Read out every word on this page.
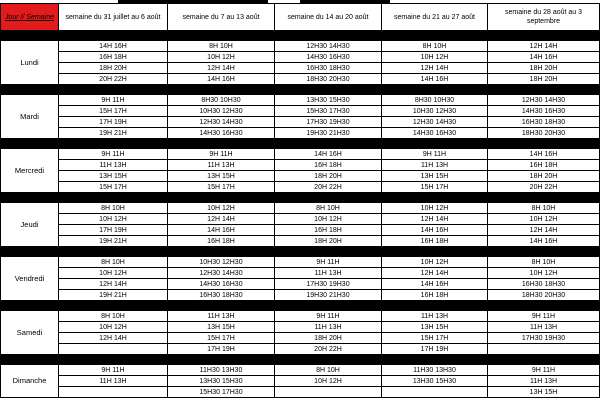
Jour // Semaine	semaine du 31 juillet au 6 août	semaine du 7 au 13 août	semaine du 14 au 20 août	semaine du 21 au 27 août	semaine du 28 août au 3 septembre

Lundi	14H 16H	8H 10H	12H30 14H30	8H 10H	12H 14H
	16H 18H	10H 12H	14H30 16H30	10H 12H	14H 16H
	18H 20H	12H 14H	16H30 18H30	12H 14H	18H 20H
	20H 22H	14H 16H	18H30 20H30	14H 16H	18H 20H

Mardi	9H 11H	8H30 10H30	13H30 15H30	8H30 10H30	12H30 14H30
	15H 17H	10H30 12H30	15H30 17H30	10H30 12H30	14H30 16H30
	17H 19H	12H30 14H30	17H30 19H30	12H30 14H30	16H30 18H30
	19H 21H	14H30 16H30	19H30 21H30	14H30 16H30	18H30 20H30

Mercredi	9H 11H	9H 11H	14H 16H	9H 11H	14H 16H
	11H 13H	11H 13H	16H 18H	11H 13H	16H 18H
	13H 15H	13H 15H	18H 20H	13H 15H	18H 20H
	15H 17H	15H 17H	20H 22H	15H 17H	20H 22H

Jeudi	8H 10H	10H 12H	8H 10H	10H 12H	8H 10H
	10H 12H	12H 14H	10H 12H	12H 14H	10H 12H
	17H 19H	14H 16H	16H 18H	14H 16H	12H 14H
	19H 21H	16H 18H	18H 20H	16H 18H	14H 16H

Vendredi	8H 10H	10H30 12H30	9H 11H	10H 12H	8H 10H
	10H 12H	12H30 14H30	11H 13H	12H 14H	10H 12H
	12H 14H	14H30 16H30	17H30 19H30	14H 16H	16H30 18H30
	19H 21H	16H30 18H30	19H30 21H30	16H 18H	18H30 20H30

Samedi	8H 10H	11H 13H	9H 11H	11H 13H	9H 11H
	10H 12H	13H 15H	11H 13H	13H 15H	11H 13H
	12H 14H	15H 17H	18H 20H	15H 17H	17H30 19H30
		17H 19H	20H 22H	17H 19H	

Dimanche	9H 11H	11H30 13H30	8H 10H	11H30 13H30	9H 11H
	11H 13H	13H30 15H30	10H 12H	13H30 15H30	11H 13H
		15H30 17H30			13H 15H
